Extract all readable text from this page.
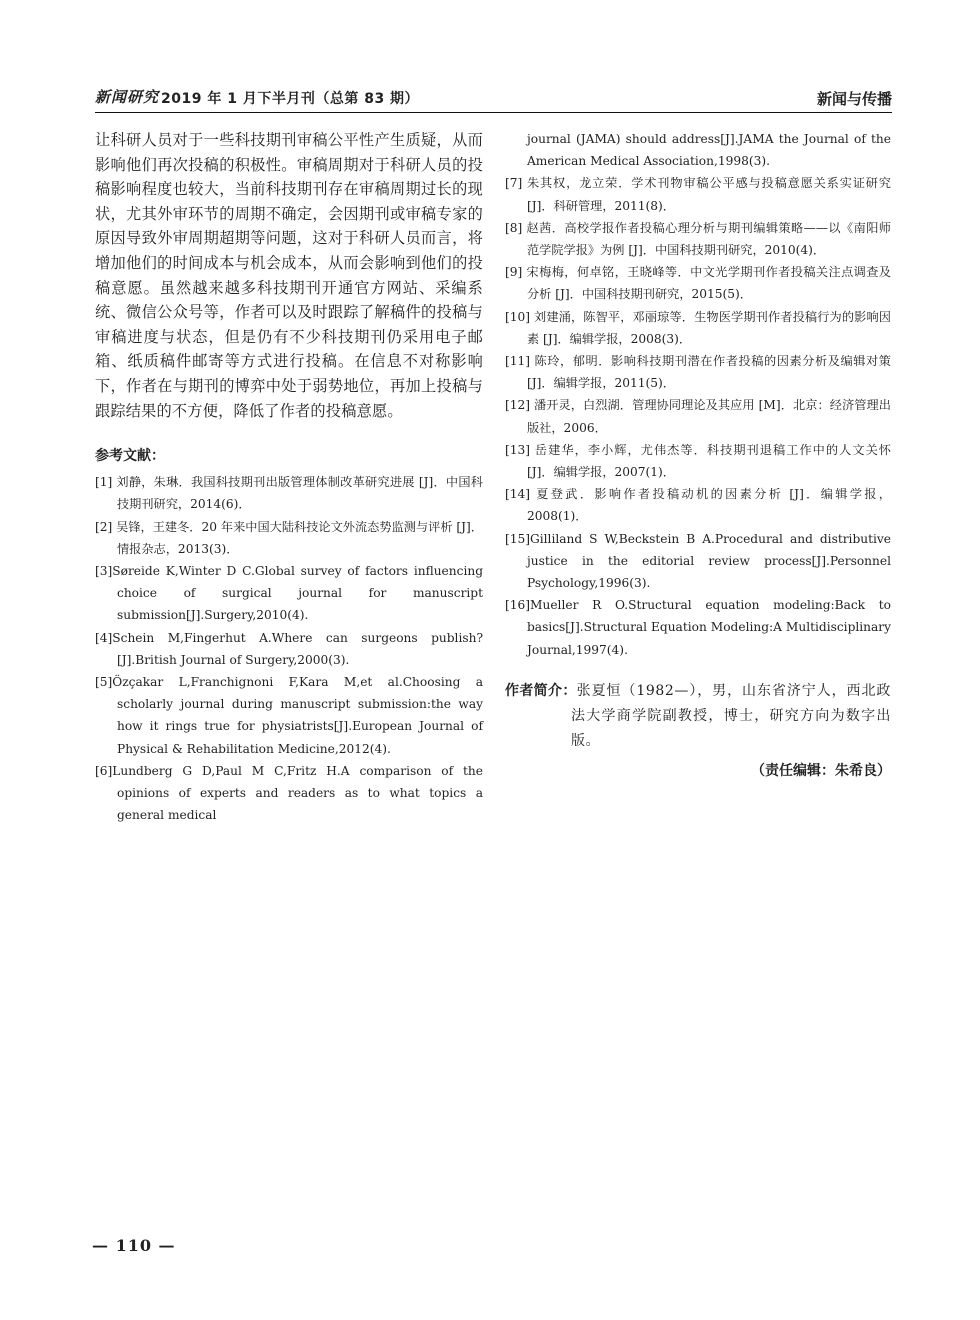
新闻研究 2019 年 1 月下半月刊（总第 83 期）	新闻与传播

让科研人员对于一些科技期刊审稿公平性产生质疑，从而影响他们再次投稿的积极性。审稿周期对于科研人员的投稿影响程度也较大，当前科技期刊存在审稿周期过长的现状，尤其外审环节的周期不确定，会因期刊或审稿专家的原因导致外审周期超期等问题，这对于科研人员而言，将增加他们的时间成本与机会成本，从而会影响到他们的投稿意愿。虽然越来越多科技期刊开通官方网站、采编系统、微信公众号等，作者可以及时跟踪了解稿件的投稿与审稿进度与状态，但是仍有不少科技期刊仍采用电子邮箱、纸质稿件邮寄等方式进行投稿。在信息不对称影响下，作者在与期刊的博弈中处于弱势地位，再加上投稿与跟踪结果的不方便，降低了作者的投稿意愿。

参考文献：
[1] 刘静，朱琳．我国科技期刊出版管理体制改革研究进展 [J]．中国科技期刊研究，2014(6)．
[2] 吴锋，王建冬．20 年来中国大陆科技论文外流态势监测与评析 [J]．情报杂志，2013(3)．
[3]Søreide K,Winter D C.Global survey of factors influencing choice of surgical journal for manuscript submission[J].Surgery,2010(4).
[4]Schein M,Fingerhut A.Where can surgeons publish?[J].British Journal of Surgery,2000(3).
[5]Özçakar L,Franchignoni F,Kara M,et al.Choosing a scholarly journal during manuscript submission:the way how it rings true for physiatrists[J].European Journal of Physical & Rehabilitation Medicine,2012(4).
[6]Lundberg G D,Paul M C,Fritz H.A comparison of the opinions of experts and readers as to what topics a general medical

journal (JAMA) should address[J].JAMA the Journal of the American Medical Association,1998(3).

[7] 朱其权，龙立荣．学术刊物审稿公平感与投稿意愿关系实证研究 [J]．科研管理，2011(8)．
[8] 赵茜．高校学报作者投稿心理分析与期刊编辑策略——以《南阳师范学院学报》为例 [J]．中国科技期刊研究，2010(4)．
[9] 宋梅梅，何卓铭，王晓峰等．中文光学期刊作者投稿关注点调查及分析 [J]．中国科技期刊研究，2015(5)．
[10] 刘建涌，陈智平，邓丽琼等．生物医学期刊作者投稿行为的影响因素 [J]．编辑学报，2008(3)．
[11] 陈玲，郁明．影响科技期刊潜在作者投稿的因素分析及编辑对策 [J]．编辑学报，2011(5)．
[12] 潘开灵，白烈湖．管理协同理论及其应用 [M]．北京：经济管理出版社，2006．
[13] 岳建华，李小辉，尤伟杰等．科技期刊退稿工作中的人文关怀 [J]．编辑学报，2007(1)．
[14] 夏登武．影响作者投稿动机的因素分析 [J]．编辑学报，2008(1)．
[15]Gilliland S W,Beckstein B A.Procedural and distributive justice in the editorial review process[J].Personnel Psychology,1996(3).
[16]Mueller R O.Structural equation modeling:Back to basics[J].Structural Equation Modeling:A Multidisciplinary Journal,1997(4).
作者简介：张夏恒（1982—），男，山东省济宁人，西北政法大学商学院副教授，博士，研究方向为数字出版。
（责任编辑：朱希良）
— 110 —
